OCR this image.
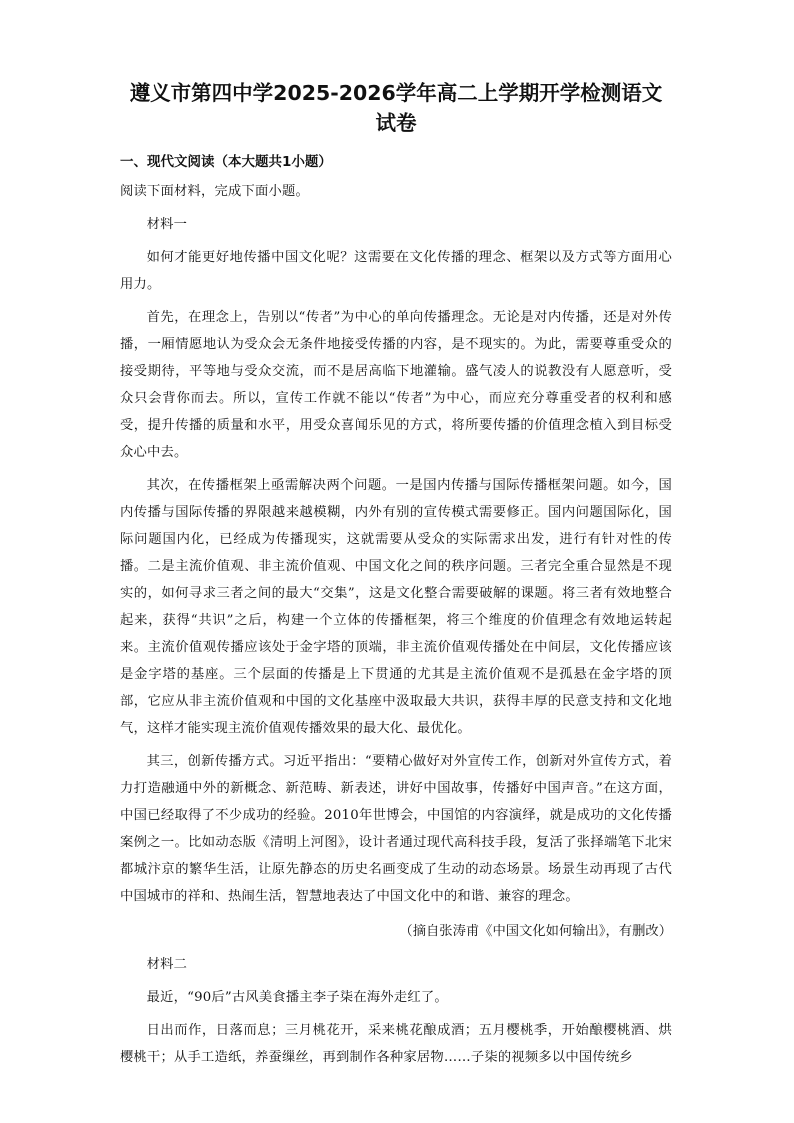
遵义市第四中学2025-2026学年高二上学期开学检测语文
试卷

一、现代文阅读（本大题共1小题）

阅读下面材料，完成下面小题。

材料一

如何才能更好地传播中国文化呢？这需要在文化传播的理念、框架以及方式等方面用心用力。

首先，在理念上，告别以“传者”为中心的单向传播理念。无论是对内传播，还是对外传播，一厢情愿地认为受众会无条件地接受传播的内容，是不现实的。为此，需要尊重受众的接受期待，平等地与受众交流，而不是居高临下地灌输。盛气凌人的说教没有人愿意听，受众只会背你而去。所以，宣传工作就不能以“传者”为中心，而应充分尊重受者的权利和感受，提升传播的质量和水平，用受众喜闻乐见的方式，将所要传播的价值理念植入到目标受众心中去。

其次，在传播框架上亟需解决两个问题。一是国内传播与国际传播框架问题。如今，国内传播与国际传播的界限越来越模糊，内外有别的宣传模式需要修正。国内问题国际化，国际问题国内化，已经成为传播现实，这就需要从受众的实际需求出发，进行有针对性的传播。二是主流价值观、非主流价值观、中国文化之间的秩序问题。三者完全重合显然是不现实的，如何寻求三者之间的最大“交集”，这是文化整合需要破解的课题。将三者有效地整合起来，获得“共识”之后，构建一个立体的传播框架，将三个维度的价值理念有效地运转起来。主流价值观传播应该处于金字塔的顶端，非主流价值观传播处在中间层，文化传播应该是金字塔的基座。三个层面的传播是上下贯通的尤其是主流价值观不是孤悬在金字塔的顶部，它应从非主流价值观和中国的文化基座中汲取最大共识，获得丰厚的民意支持和文化地气，这样才能实现主流价值观传播效果的最大化、最优化。

其三，创新传播方式。习近平指出：“要精心做好对外宣传工作，创新对外宣传方式，着力打造融通中外的新概念、新范畴、新表述，讲好中国故事，传播好中国声音。”在这方面，中国已经取得了不少成功的经验。2010年世博会，中国馆的内容演绎，就是成功的文化传播案例之一。比如动态版《清明上河图》，设计者通过现代高科技手段，复活了张择端笔下北宋都城汴京的繁华生活，让原先静态的历史名画变成了生动的动态场景。场景生动再现了古代中国城市的祥和、热闹生活，智慧地表达了中国文化中的和谐、兼容的理念。

（摘自张涛甫《中国文化如何输出》，有删改）

材料二

最近，“90后”古风美食播主李子柒在海外走红了。

日出而作，日落而息；三月桃花开，采来桃花酿成酒；五月樱桃季，开始酿樱桃酒、烘樱桃干；从手工造纸，养蚕缫丝，再到制作各种家居物……子柒的视频多以中国传统乡
